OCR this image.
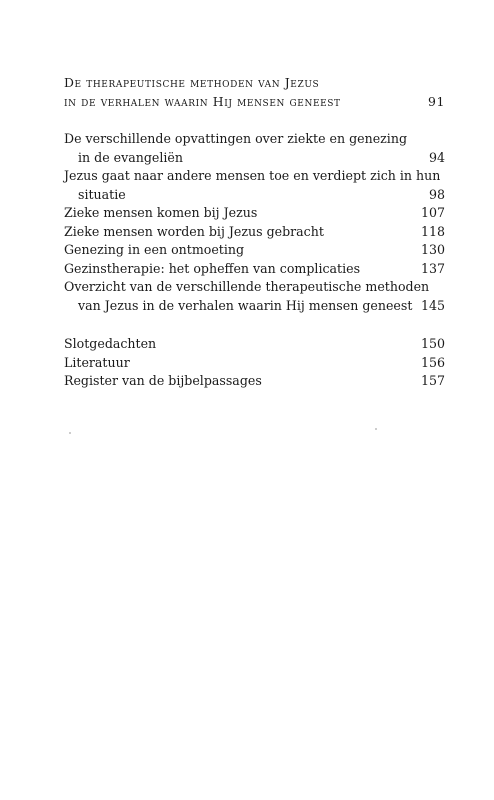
De therapeutische methoden van Jezus
in de verhalen waarin Hij mensen geneest	91
De verschillende opvattingen over ziekte en genezing
in de evangeliën	94
Jezus gaat naar andere mensen toe en verdiept zich in hun
situatie	98
Zieke mensen komen bij Jezus	107
Zieke mensen worden bij Jezus gebracht	118
Genezing in een ontmoeting	130
Gezinstherapie: het opheffen van complicaties	137
Overzicht van de verschillende therapeutische methoden
van Jezus in de verhalen waarin Hij mensen geneest 145
Slotgedachten	150
Literatuur	156
Register van de bijbelpassages	157
